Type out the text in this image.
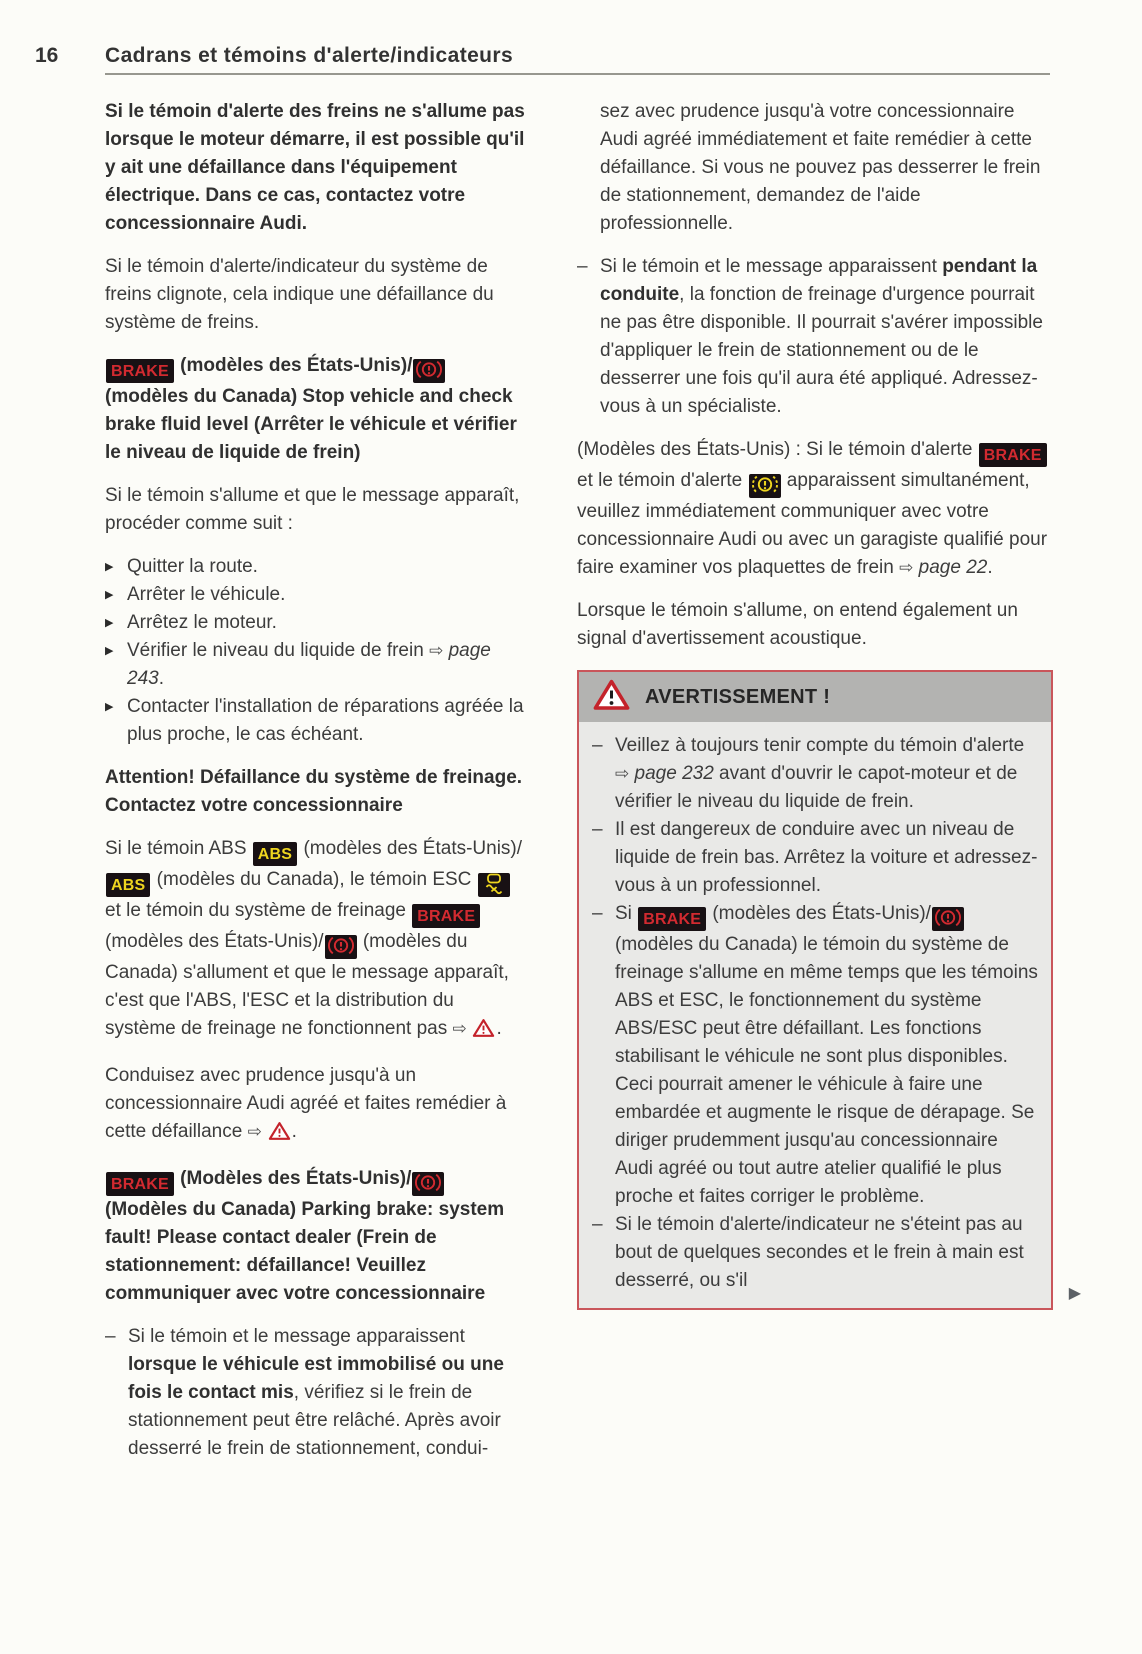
16 Cadrans et témoins d'alerte/indicateurs

Si le témoin d'alerte des freins ne s'allume pas lorsque le moteur démarre, il est possible qu'il y ait une défaillance dans l'équipement électrique. Dans ce cas, contactez votre concessionnaire Audi.

Si le témoin d'alerte/indicateur du système de freins clignote, cela indique une défaillance du système de freins.

BRAKE (modèles des États-Unis)/ (modèles du Canada) Stop vehicle and check brake fluid level (Arrêter le véhicule et vérifier le niveau de liquide de frein)

Si le témoin s'allume et que le message apparaît, procéder comme suit :

▶ Quitter la route.
▶ Arrêter le véhicule.
▶ Arrêtez le moteur.
▶ Vérifier le niveau du liquide de frein ⇨ page 243.
▶ Contacter l'installation de réparations agréée la plus proche, le cas échéant.

Attention! Défaillance du système de freinage. Contactez votre concessionnaire

Si le témoin ABS ABS (modèles des États-Unis)/ABS (modèles du Canada), le témoin ESC  et le témoin du système de freinage BRAKE (modèles des États-Unis)/ (modèles du Canada) s'allument et que le message apparaît, c'est que l'ABS, l'ESC et la distribution du système de freinage ne fonctionnent pas ⇨ .

Conduisez avec prudence jusqu'à un concessionnaire Audi agréé et faites remédier à cette défaillance ⇨ .

BRAKE (Modèles des États-Unis)/ (Modèles du Canada) Parking brake: system fault! Please contact dealer (Frein de stationnement: défaillance! Veuillez communiquer avec votre concessionnaire

– Si le témoin et le message apparaissent lorsque le véhicule est immobilisé ou une fois le contact mis, vérifiez si le frein de stationnement peut être relâché. Après avoir desserré le frein de stationnement, condui-

sez avec prudence jusqu'à votre concessionnaire Audi agréé immédiatement et faite remédier à cette défaillance. Si vous ne pouvez pas desserrer le frein de stationnement, demandez de l'aide professionnelle.

– Si le témoin et le message apparaissent pendant la conduite, la fonction de freinage d'urgence pourrait ne pas être disponible. Il pourrait s'avérer impossible d'appliquer le frein de stationnement ou de le desserrer une fois qu'il aura été appliqué. Adressez-vous à un spécialiste.

(Modèles des États-Unis) : Si le témoin d'alerte BRAKE et le témoin d'alerte  apparaissent simultanément, veuillez immédiatement communiquer avec votre concessionnaire Audi ou avec un garagiste qualifié pour faire examiner vos plaquettes de frein ⇨ page 22.

Lorsque le témoin s'allume, on entend également un signal d'avertissement acoustique.

AVERTISSEMENT !
– Veillez à toujours tenir compte du témoin d'alerte ⇨ page 232 avant d'ouvrir le capot-moteur et de vérifier le niveau du liquide de frein.
– Il est dangereux de conduire avec un niveau de liquide de frein bas. Arrêtez la voiture et adressez-vous à un professionnel.
– Si BRAKE (modèles des États-Unis)/ (modèles du Canada) le témoin du système de freinage s'allume en même temps que les témoins ABS et ESC, le fonctionnement du système ABS/ESC peut être défaillant. Les fonctions stabilisant le véhicule ne sont plus disponibles. Ceci pourrait amener le véhicule à faire une embardée et augmente le risque de dérapage. Se diriger prudemment jusqu'au concessionnaire Audi agréé ou tout autre atelier qualifié le plus proche et faites corriger le problème.
– Si le témoin d'alerte/indicateur ne s'éteint pas au bout de quelques secondes et le frein à main est desserré, ou s'il
▶
